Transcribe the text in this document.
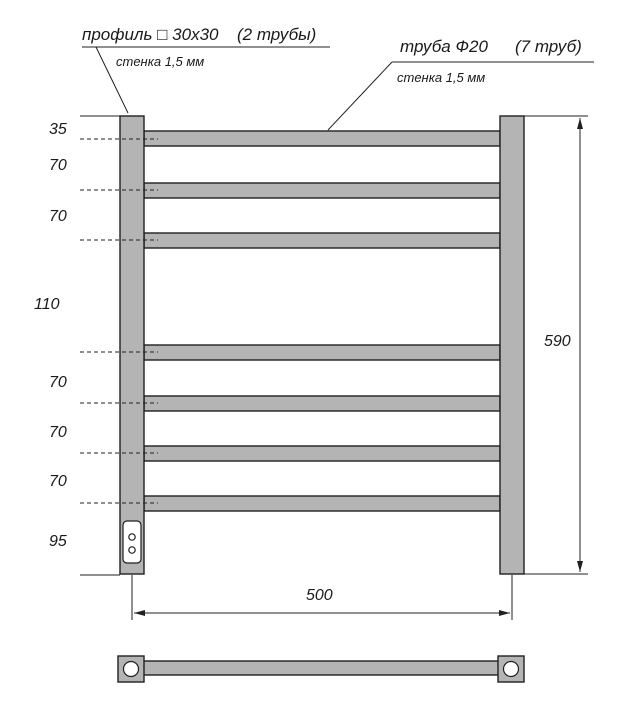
профиль □ 30x30 (2 трубы)
стенка 1,5 мм
труба Ф20 (7 труб)
стенка 1,5 мм
35
70
70
110
70
70
70
95
590
500
